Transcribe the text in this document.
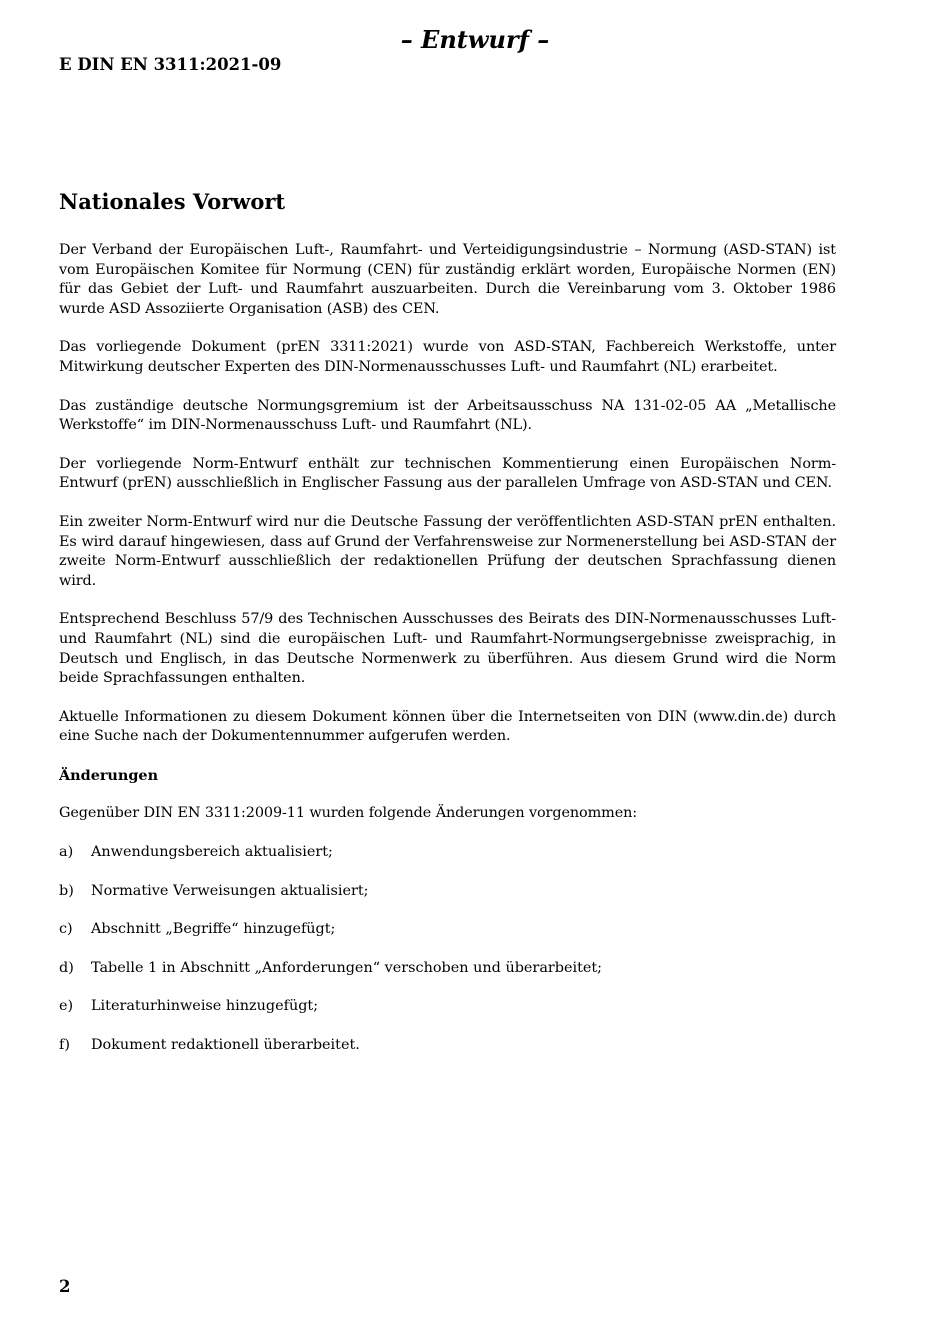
– Entwurf –
E DIN EN 3311:2021-09
Nationales Vorwort

Der Verband der Europäischen Luft-, Raumfahrt- und Verteidigungsindustrie – Normung (ASD-STAN) ist vom Europäischen Komitee für Normung (CEN) für zuständig erklärt worden, Europäische Normen (EN) für das Gebiet der Luft- und Raumfahrt auszuarbeiten. Durch die Vereinbarung vom 3. Oktober 1986 wurde ASD Assoziierte Organisation (ASB) des CEN.

Das vorliegende Dokument (prEN 3311:2021) wurde von ASD-STAN, Fachbereich Werkstoffe, unter Mitwirkung deutscher Experten des DIN-Normenausschusses Luft- und Raumfahrt (NL) erarbeitet.

Das zuständige deutsche Normungsgremium ist der Arbeitsausschuss NA 131-02-05 AA „Metallische Werkstoffe“ im DIN-Normenausschuss Luft- und Raumfahrt (NL).

Der vorliegende Norm-Entwurf enthält zur technischen Kommentierung einen Europäischen Norm-Entwurf (prEN) ausschließlich in Englischer Fassung aus der parallelen Umfrage von ASD-STAN und CEN.

Ein zweiter Norm-Entwurf wird nur die Deutsche Fassung der veröffentlichten ASD-STAN prEN enthalten. Es wird darauf hingewiesen, dass auf Grund der Verfahrensweise zur Normenerstellung bei ASD-STAN der zweite Norm-Entwurf ausschließlich der redaktionellen Prüfung der deutschen Sprachfassung dienen wird.

Entsprechend Beschluss 57/9 des Technischen Ausschusses des Beirats des DIN-Normenausschusses Luft- und Raumfahrt (NL) sind die europäischen Luft- und Raumfahrt-Normungsergebnisse zweisprachig, in Deutsch und Englisch, in das Deutsche Normenwerk zu überführen. Aus diesem Grund wird die Norm beide Sprachfassungen enthalten.

Aktuelle Informationen zu diesem Dokument können über die Internetseiten von DIN (www.din.de) durch eine Suche nach der Dokumentennummer aufgerufen werden.

Änderungen

Gegenüber DIN EN 3311:2009-11 wurden folgende Änderungen vorgenommen:

a)	Anwendungsbereich aktualisiert;
b)	Normative Verweisungen aktualisiert;
c)	Abschnitt „Begriffe“ hinzugefügt;
d)	Tabelle 1 in Abschnitt „Anforderungen“ verschoben und überarbeitet;
e)	Literaturhinweise hinzugefügt;
f)	Dokument redaktionell überarbeitet.
2
